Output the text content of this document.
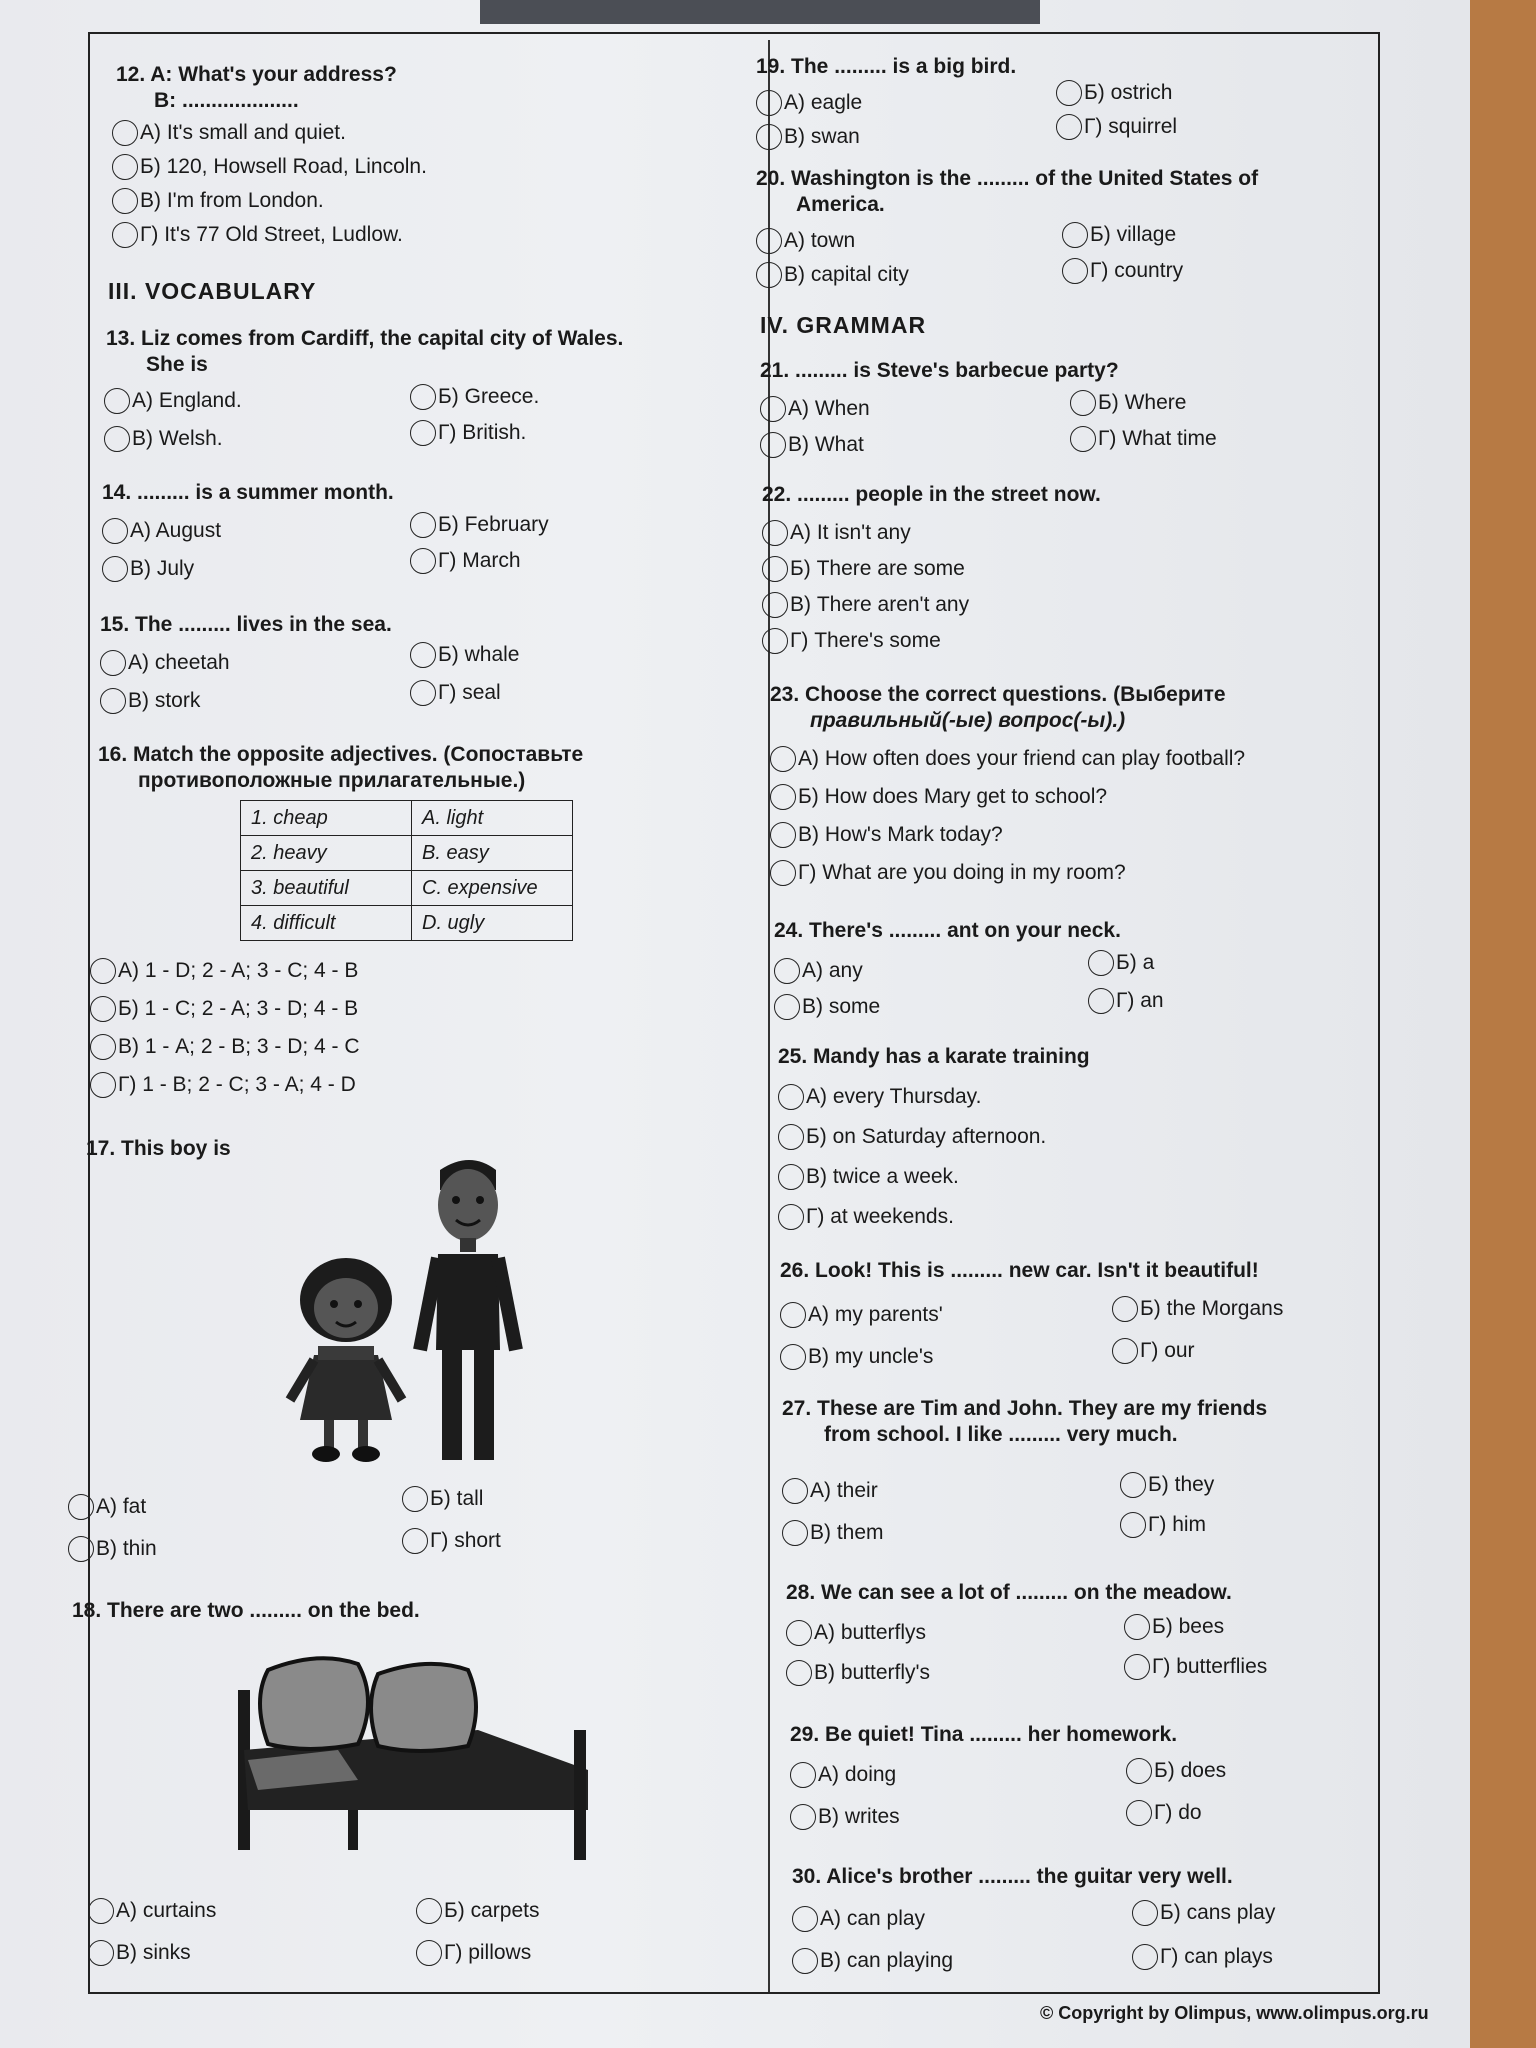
12. A: What's your address?
B: ....................
A) It's small and quiet.
Б) 120, Howsell Road, Lincoln.
В) I'm from London.
Г) It's 77 Old Street, Ludlow.
III. VOCABULARY
13. Liz comes from Cardiff, the capital city of Wales.
She is
A) England.	Б) Greece.
В) Welsh.	Г) British.
14. ......... is a summer month.
A) August	Б) February
В) July	Г) March
15. The ......... lives in the sea.
A) cheetah	Б) whale
В) stork	Г) seal
16. Match the opposite adjectives. (Сопоставьте
противоположные прилагательные.)
1. cheap	A. light
2. heavy	B. easy
3. beautiful	C. expensive
4. difficult	D. ugly
A) 1 - D; 2 - A; 3 - C; 4 - B
Б) 1 - C; 2 - A; 3 - D; 4 - B
В) 1 - A; 2 - B; 3 - D; 4 - C
Г) 1 - B; 2 - C; 3 - A; 4 - D
17. This boy is
A) fat	Б) tall
В) thin	Г) short
18. There are two ......... on the bed.
A) curtains	Б) carpets
В) sinks	Г) pillows
19. The ......... is a big bird.
A) eagle	Б) ostrich
В) swan	Г) squirrel
20. Washington is the ......... of the United States of
America.
A) town	Б) village
В) capital city	Г) country
IV. GRAMMAR
21. ......... is Steve's barbecue party?
A) When	Б) Where
В) What	Г) What time
22. ......... people in the street now.
A) It isn't any
Б) There are some
В) There aren't any
Г) There's some
23. Choose the correct questions. (Выберите
правильный(-ые) вопрос(-ы).)
A) How often does your friend can play football?
Б) How does Mary get to school?
В) How's Mark today?
Г) What are you doing in my room?
24. There's ......... ant on your neck.
A) any	Б) a
В) some	Г) an
25. Mandy has a karate training
A) every Thursday.
Б) on Saturday afternoon.
В) twice a week.
Г) at weekends.
26. Look! This is ......... new car. Isn't it beautiful!
A) my parents'	Б) the Morgans
В) my uncle's	Г) our
27. These are Tim and John. They are my friends
from school. I like ......... very much.
A) their	Б) they
В) them	Г) him
28. We can see a lot of ......... on the meadow.
A) butterflys	Б) bees
В) butterfly's	Г) butterflies
29. Be quiet! Tina ......... her homework.
A) doing	Б) does
В) writes	Г) do
30. Alice's brother ......... the guitar very well.
A) can play	Б) cans play
В) can playing	Г) can plays
© Copyright by Olimpus, www.olimpus.org.ru
